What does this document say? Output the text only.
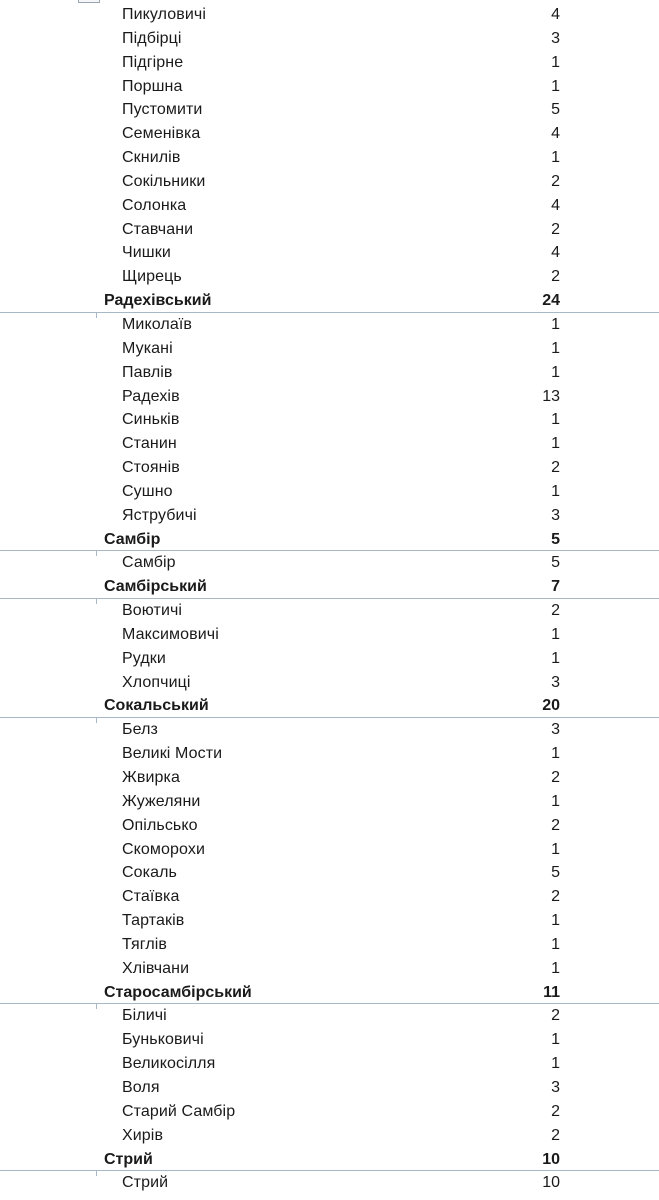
Пикуловичі	4
Підбірці	3
Підгірне	1
Поршна	1
Пустомити	5
Семенівка	4
Скнилів	1
Сокільники	2
Солонка	4
Ставчани	2
Чишки	4
Щирець	2
Радехівський	24
Миколаїв	1
Мукані	1
Павлів	1
Радехів	13
Синьків	1
Станин	1
Стоянів	2
Сушно	1
Яструбичі	3
Самбір	5
Самбір	5
Самбірський	7
Воютичі	2
Максимовичі	1
Рудки	1
Хлопчиці	3
Сокальський	20
Белз	3
Великі Мости	1
Жвирка	2
Жужеляни	1
Опільсько	2
Скоморохи	1
Сокаль	5
Стаївка	2
Тартаків	1
Тяглів	1
Хлівчани	1
Старосамбірський	11
Біличі	2
Буньковичі	1
Великосілля	1
Воля	3
Старий Самбір	2
Хирів	2
Стрий	10
Стрий	10
